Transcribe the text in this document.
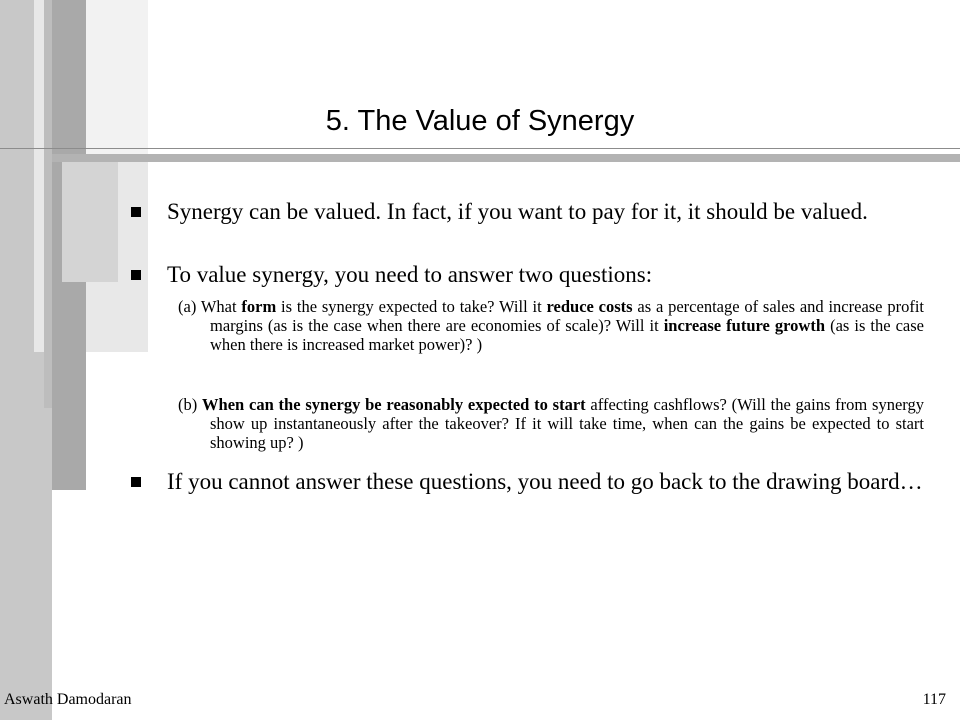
5. The Value of Synergy
Synergy can be valued. In fact, if you want to pay for it, it should be valued.
To value synergy, you need to answer two questions:
(a) What form is the synergy expected to take? Will it reduce costs as a percentage of sales and increase profit margins (as is the case when there are economies of scale)? Will it increase future growth (as is the case when there is increased market power)? )
(b) When can the synergy be reasonably expected to start affecting cashflows? (Will the gains from synergy show up instantaneously after the takeover? If it will take time, when can the gains be expected to start showing up? )
If you cannot answer these questions, you need to go back to the drawing board…
Aswath Damodaran	117
